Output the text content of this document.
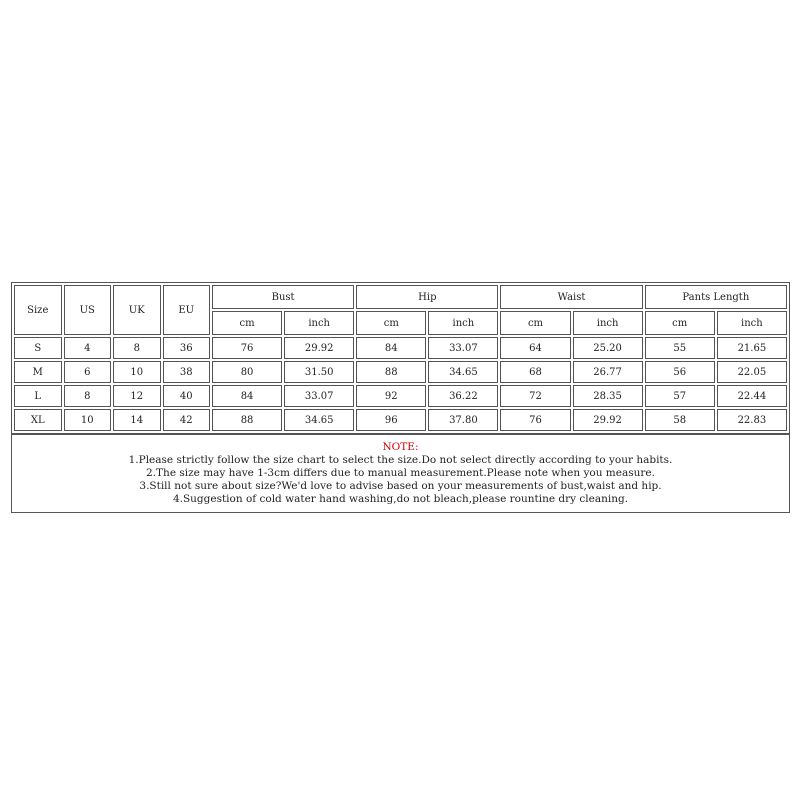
Size	US	UK	EU	Bust		Hip		Waist		Pants Length	
				cm	inch	cm	inch	cm	inch	cm	inch
S	4	8	36	76	29.92	84	33.07	64	25.20	55	21.65
M	6	10	38	80	31.50	88	34.65	68	26.77	56	22.05
L	8	12	40	84	33.07	92	36.22	72	28.35	57	22.44
XL	10	14	42	88	34.65	96	37.80	76	29.92	58	22.83
NOTE:
1.Please strictly follow the size chart to select the size.Do not select directly according to your habits.
2.The size may have 1-3cm differs due to manual measurement.Please note when you measure.
3.Still not sure about size?We'd love to advise based on your measurements of bust,waist and hip.
4.Suggestion of cold water hand washing,do not bleach,please rountine dry cleaning.
